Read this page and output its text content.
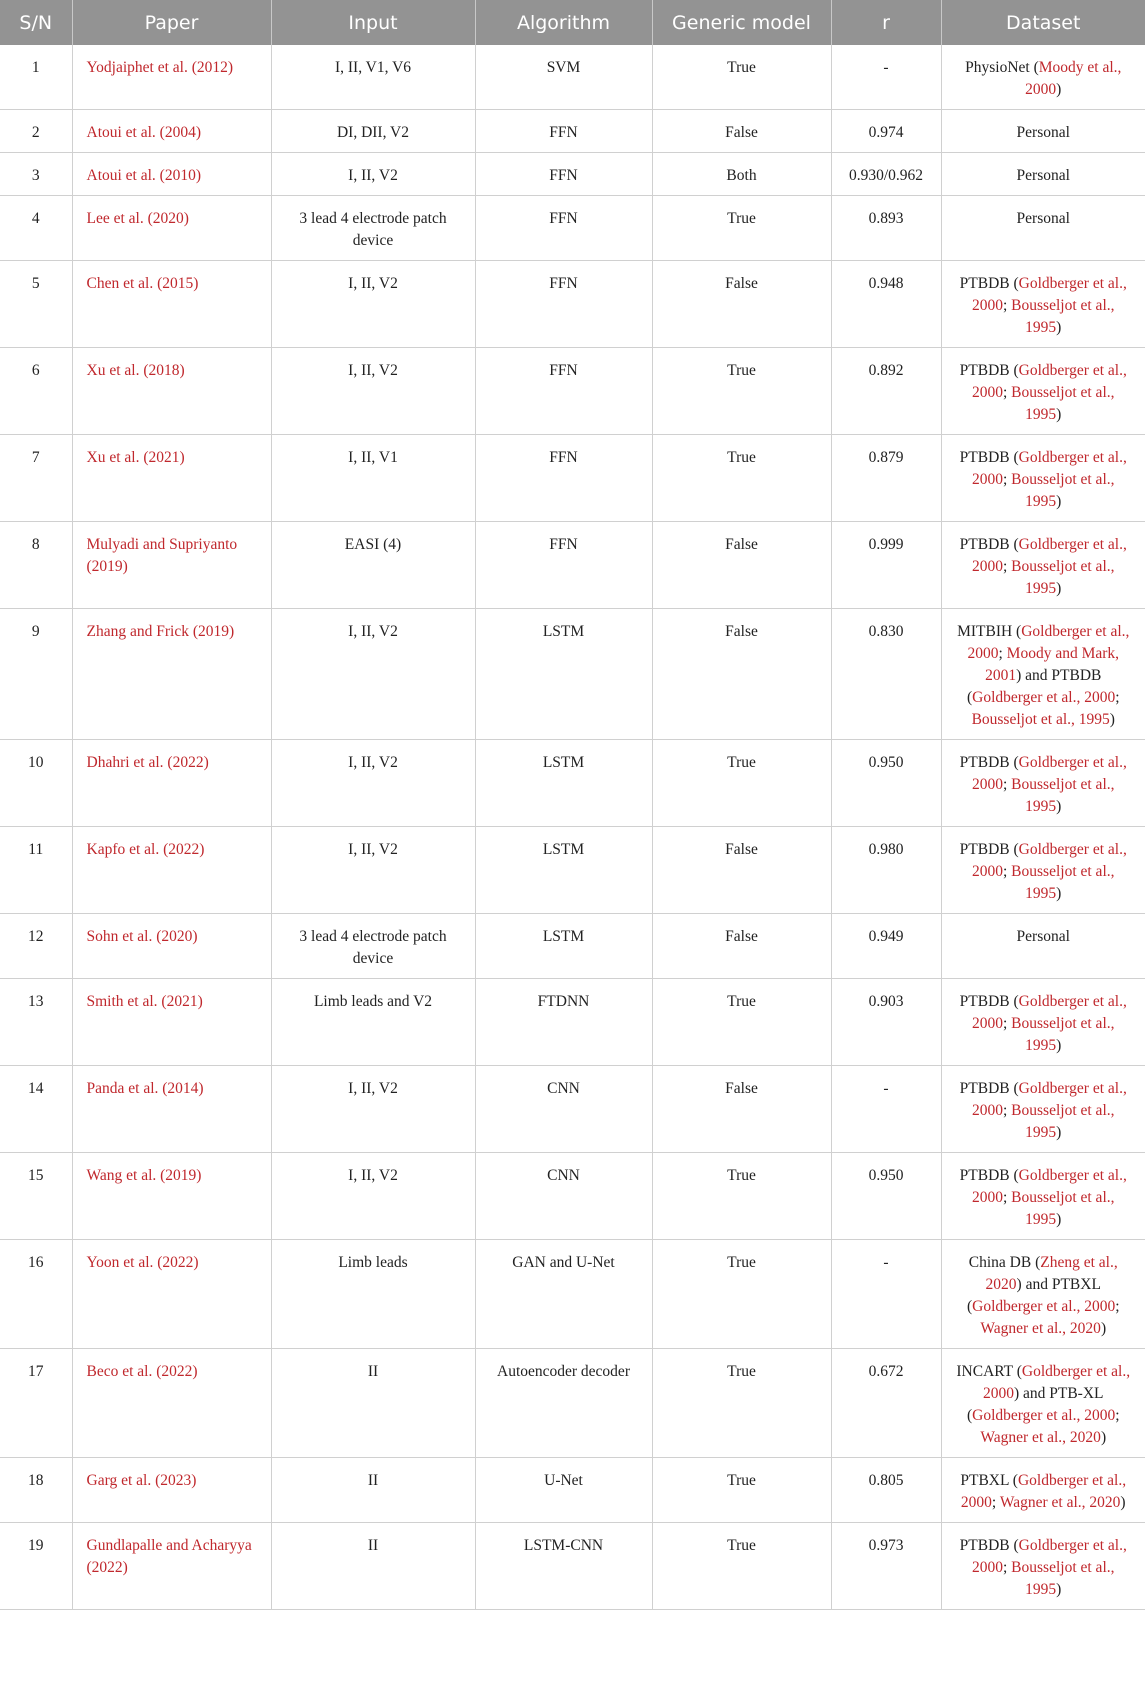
S/N	Paper	Input	Algorithm	Generic model	r	Dataset
1	Yodjaiphet et al. (2012)	I, II, V1, V6	SVM	True	-	PhysioNet (Moody et al., 2000)
2	Atoui et al. (2004)	DI, DII, V2	FFN	False	0.974	Personal
3	Atoui et al. (2010)	I, II, V2	FFN	Both	0.930/0.962	Personal
4	Lee et al. (2020)	3 lead 4 electrode patch device	FFN	True	0.893	Personal
5	Chen et al. (2015)	I, II, V2	FFN	False	0.948	PTBDB (Goldberger et al., 2000; Bousseljot et al., 1995)
6	Xu et al. (2018)	I, II, V2	FFN	True	0.892	PTBDB (Goldberger et al., 2000; Bousseljot et al., 1995)
7	Xu et al. (2021)	I, II, V1	FFN	True	0.879	PTBDB (Goldberger et al., 2000; Bousseljot et al., 1995)
8	Mulyadi and Supriyanto (2019)	EASI (4)	FFN	False	0.999	PTBDB (Goldberger et al., 2000; Bousseljot et al., 1995)
9	Zhang and Frick (2019)	I, II, V2	LSTM	False	0.830	MITBIH (Goldberger et al., 2000; Moody and Mark, 2001) and PTBDB (Goldberger et al., 2000; Bousseljot et al., 1995)
10	Dhahri et al. (2022)	I, II, V2	LSTM	True	0.950	PTBDB (Goldberger et al., 2000; Bousseljot et al., 1995)
11	Kapfo et al. (2022)	I, II, V2	LSTM	False	0.980	PTBDB (Goldberger et al., 2000; Bousseljot et al., 1995)
12	Sohn et al. (2020)	3 lead 4 electrode patch device	LSTM	False	0.949	Personal
13	Smith et al. (2021)	Limb leads and V2	FTDNN	True	0.903	PTBDB (Goldberger et al., 2000; Bousseljot et al., 1995)
14	Panda et al. (2014)	I, II, V2	CNN	False	-	PTBDB (Goldberger et al., 2000; Bousseljot et al., 1995)
15	Wang et al. (2019)	I, II, V2	CNN	True	0.950	PTBDB (Goldberger et al., 2000; Bousseljot et al., 1995)
16	Yoon et al. (2022)	Limb leads	GAN and U-Net	True	-	China DB (Zheng et al., 2020) and PTBXL (Goldberger et al., 2000; Wagner et al., 2020)
17	Beco et al. (2022)	II	Autoencoder decoder	True	0.672	INCART (Goldberger et al., 2000) and PTB-XL (Goldberger et al., 2000; Wagner et al., 2020)
18	Garg et al. (2023)	II	U-Net	True	0.805	PTBXL (Goldberger et al., 2000; Wagner et al., 2020)
19	Gundlapalle and Acharyya (2022)	II	LSTM-CNN	True	0.973	PTBDB (Goldberger et al., 2000; Bousseljot et al., 1995)
